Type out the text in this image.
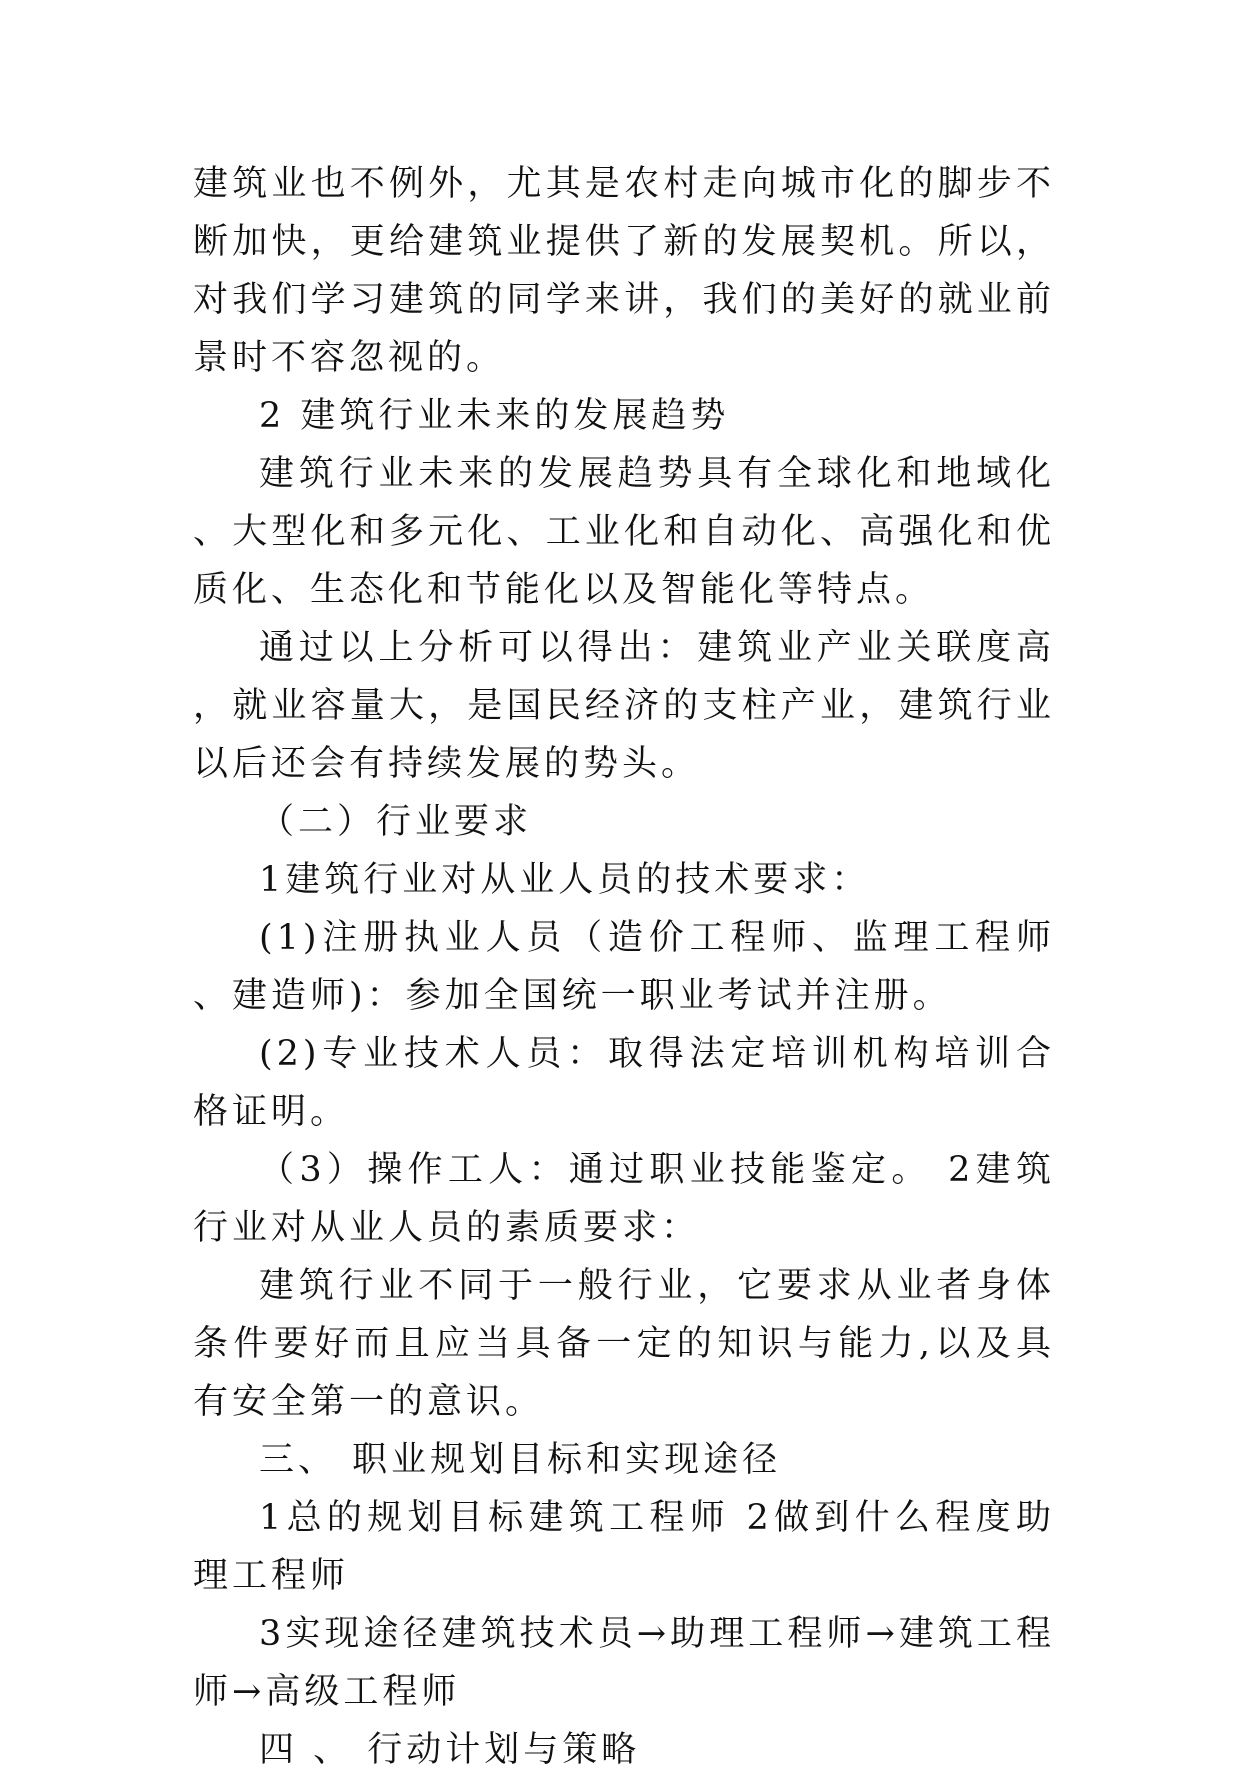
建筑业也不例外，尤其是农村走向城市化的脚步不断加快，更给建筑业提供了新的发展契机。所以，对我们学习建筑的同学来讲，我们的美好的就业前景时不容忽视的。

2 建筑行业未来的发展趋势

建筑行业未来的发展趋势具有全球化和地域化、大型化和多元化、工业化和自动化、高强化和优质化、生态化和节能化以及智能化等特点。

通过以上分析可以得出：建筑业产业关联度高，就业容量大，是国民经济的支柱产业，建筑行业以后还会有持续发展的势头。

（二）行业要求

1建筑行业对从业人员的技术要求：

(1)注册执业人员（造价工程师、监理工程师、建造师)：参加全国统一职业考试并注册。

(2)专业技术人员：取得法定培训机构培训合格证明。

（3）操作工人：通过职业技能鉴定。 2建筑行业对从业人员的素质要求：

建筑行业不同于一般行业，它要求从业者身体条件要好而且应当具备一定的知识与能力,以及具有安全第一的意识。

三、 职业规划目标和实现途径

1总的规划目标建筑工程师 2做到什么程度助理工程师

3实现途径建筑技术员→助理工程师→建筑工程师→高级工程师

四 、 行动计划与策略
